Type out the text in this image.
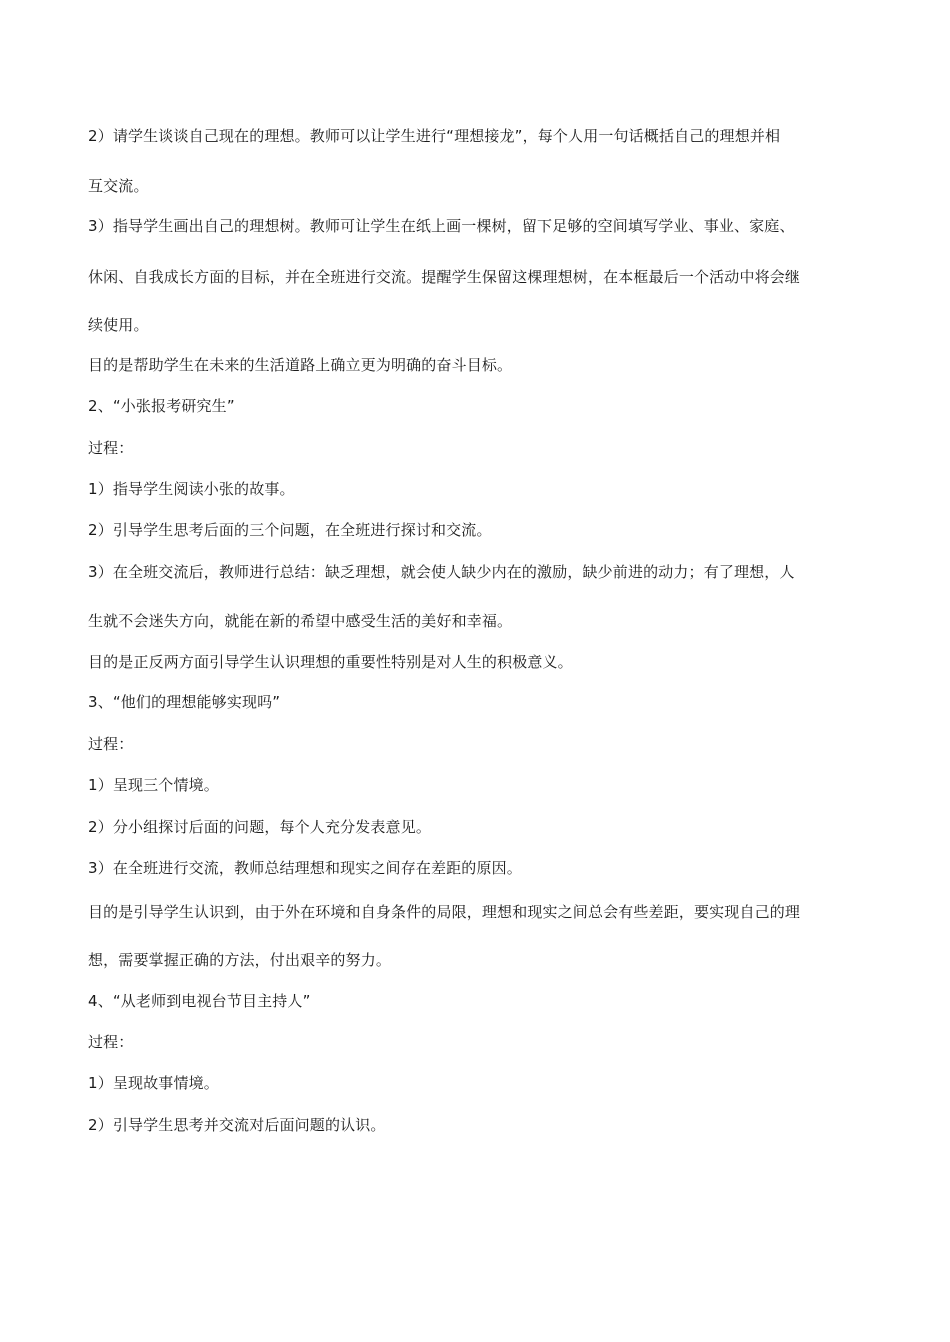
2）请学生谈谈自己现在的理想。教师可以让学生进行“理想接龙”，每个人用一句话概括自己的理想并相
互交流。
3）指导学生画出自己的理想树。教师可让学生在纸上画一棵树，留下足够的空间填写学业、事业、家庭、
休闲、自我成长方面的目标，并在全班进行交流。提醒学生保留这棵理想树，在本框最后一个活动中将会继
续使用。
目的是帮助学生在未来的生活道路上确立更为明确的奋斗目标。
2、“小张报考研究生”
过程：
1）指导学生阅读小张的故事。
2）引导学生思考后面的三个问题，在全班进行探讨和交流。
3）在全班交流后，教师进行总结：缺乏理想，就会使人缺少内在的激励，缺少前进的动力；有了理想，人
生就不会迷失方向，就能在新的希望中感受生活的美好和幸福。
目的是正反两方面引导学生认识理想的重要性特别是对人生的积极意义。
3、“他们的理想能够实现吗”
过程：
1）呈现三个情境。
2）分小组探讨后面的问题，每个人充分发表意见。
3）在全班进行交流，教师总结理想和现实之间存在差距的原因。
目的是引导学生认识到，由于外在环境和自身条件的局限，理想和现实之间总会有些差距，要实现自己的理
想，需要掌握正确的方法，付出艰辛的努力。
4、“从老师到电视台节目主持人”
过程：
1）呈现故事情境。
2）引导学生思考并交流对后面问题的认识。
